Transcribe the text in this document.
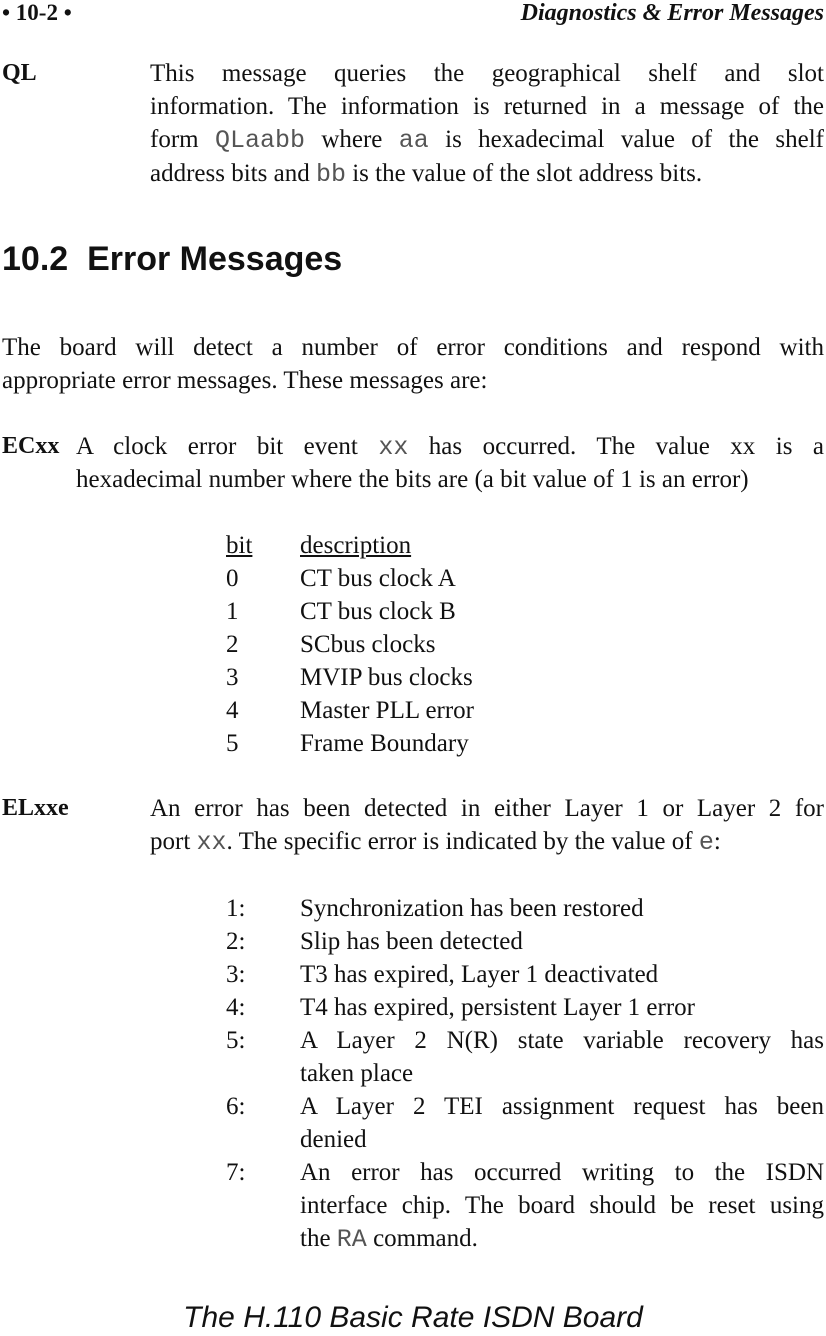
• 10-2 •	Diagnostics & Error Messages
QL	This message queries the geographical shelf and slot
information. The information is returned in a message of the
form QLaabb where aa is hexadecimal value of the shelf
address bits and bb is the value of the slot address bits.
10.2  Error Messages
The board will detect a number of error conditions and respond with
appropriate error messages. These messages are:
ECxx A clock error bit event xx has occurred. The value xx is a
hexadecimal number where the bits are (a bit value of 1 is an error)
bit description
0 CT bus clock A
1 CT bus clock B
2 SCbus clocks
3 MVIP bus clocks
4 Master PLL error
5 Frame Boundary
ELxxe	An error has been detected in either Layer 1 or Layer 2 for
port xx. The specific error is indicated by the value of e:
1: Synchronization has been restored
2: Slip has been detected
3: T3 has expired, Layer 1 deactivated
4: T4 has expired, persistent Layer 1 error
5: A Layer 2 N(R) state variable recovery has
taken place
6: A Layer 2 TEI assignment request has been
denied
7: An error has occurred writing to the ISDN
interface chip. The board should be reset using
the RA command.
The H.110 Basic Rate ISDN Board
